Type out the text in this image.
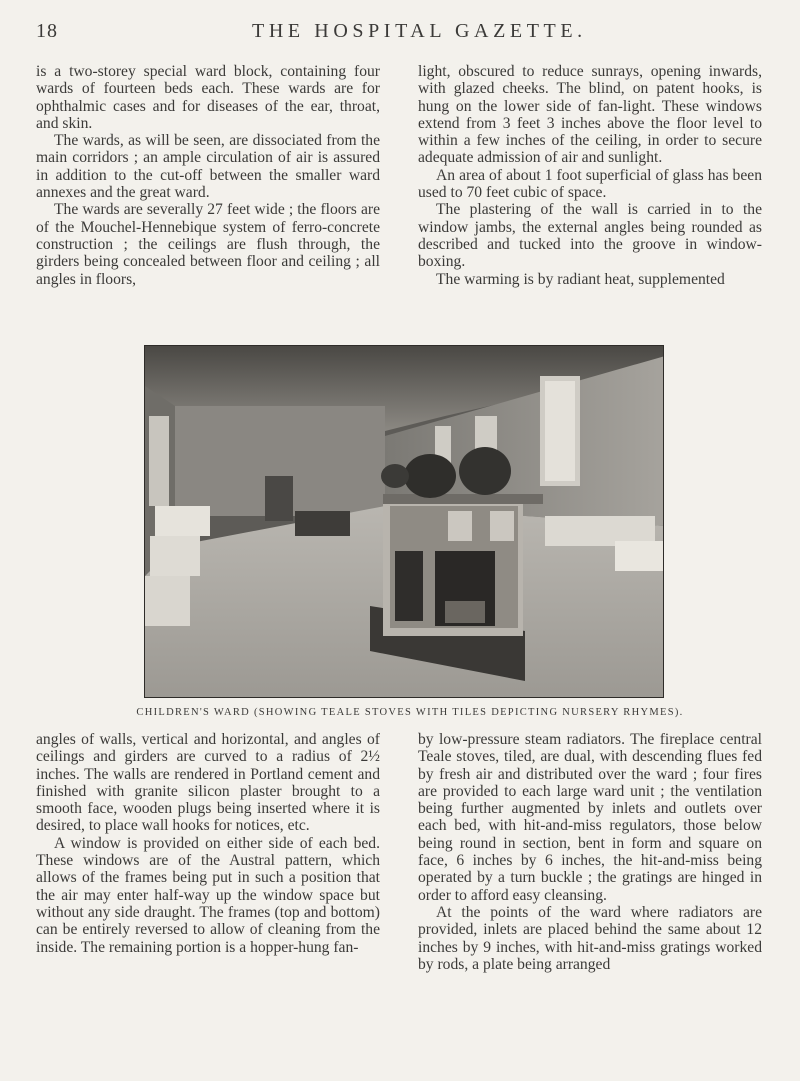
18	THE HOSPITAL GAZETTE.

is a two-storey special ward block, containing four wards of fourteen beds each. These wards are for ophthalmic cases and for diseases of the ear, throat, and skin.

The wards, as will be seen, are dissociated from the main corridors ; an ample circulation of air is assured in addition to the cut-off between the smaller ward annexes and the great ward.

The wards are severally 27 feet wide ; the floors are of the Mouchel-Hennebique system of ferro-concrete construction ; the ceilings are flush through, the girders being concealed between floor and ceiling ; all angles in floors,

light, obscured to reduce sunrays, opening inwards, with glazed cheeks. The blind, on patent hooks, is hung on the lower side of fan-light. These windows extend from 3 feet 3 inches above the floor level to within a few inches of the ceiling, in order to secure adequate admission of air and sunlight.

An area of about 1 foot superficial of glass has been used to 70 feet cubic of space.

The plastering of the wall is carried in to the window jambs, the external angles being rounded as described and tucked into the groove in window-boxing.

The warming is by radiant heat, supplemented

CHILDREN'S WARD (SHOWING TEALE STOVES WITH TILES DEPICTING NURSERY RHYMES).

angles of walls, vertical and horizontal, and angles of ceilings and girders are curved to a radius of 2½ inches. The walls are rendered in Portland cement and finished with granite silicon plaster brought to a smooth face, wooden plugs being inserted where it is desired, to place wall hooks for notices, etc.

A window is provided on either side of each bed. These windows are of the Austral pattern, which allows of the frames being put in such a position that the air may enter half-way up the window space but without any side draught. The frames (top and bottom) can be entirely reversed to allow of cleaning from the inside. The remaining portion is a hopper-hung fan-

by low-pressure steam radiators. The fireplace central Teale stoves, tiled, are dual, with descending flues fed by fresh air and distributed over the ward ; four fires are provided to each large ward unit ; the ventilation being further augmented by inlets and outlets over each bed, with hit-and-miss regulators, those below being round in section, bent in form and square on face, 6 inches by 6 inches, the hit-and-miss being operated by a turn buckle ; the gratings are hinged in order to afford easy cleansing.

At the points of the ward where radiators are provided, inlets are placed behind the same about 12 inches by 9 inches, with hit-and-miss gratings worked by rods, a plate being arranged
